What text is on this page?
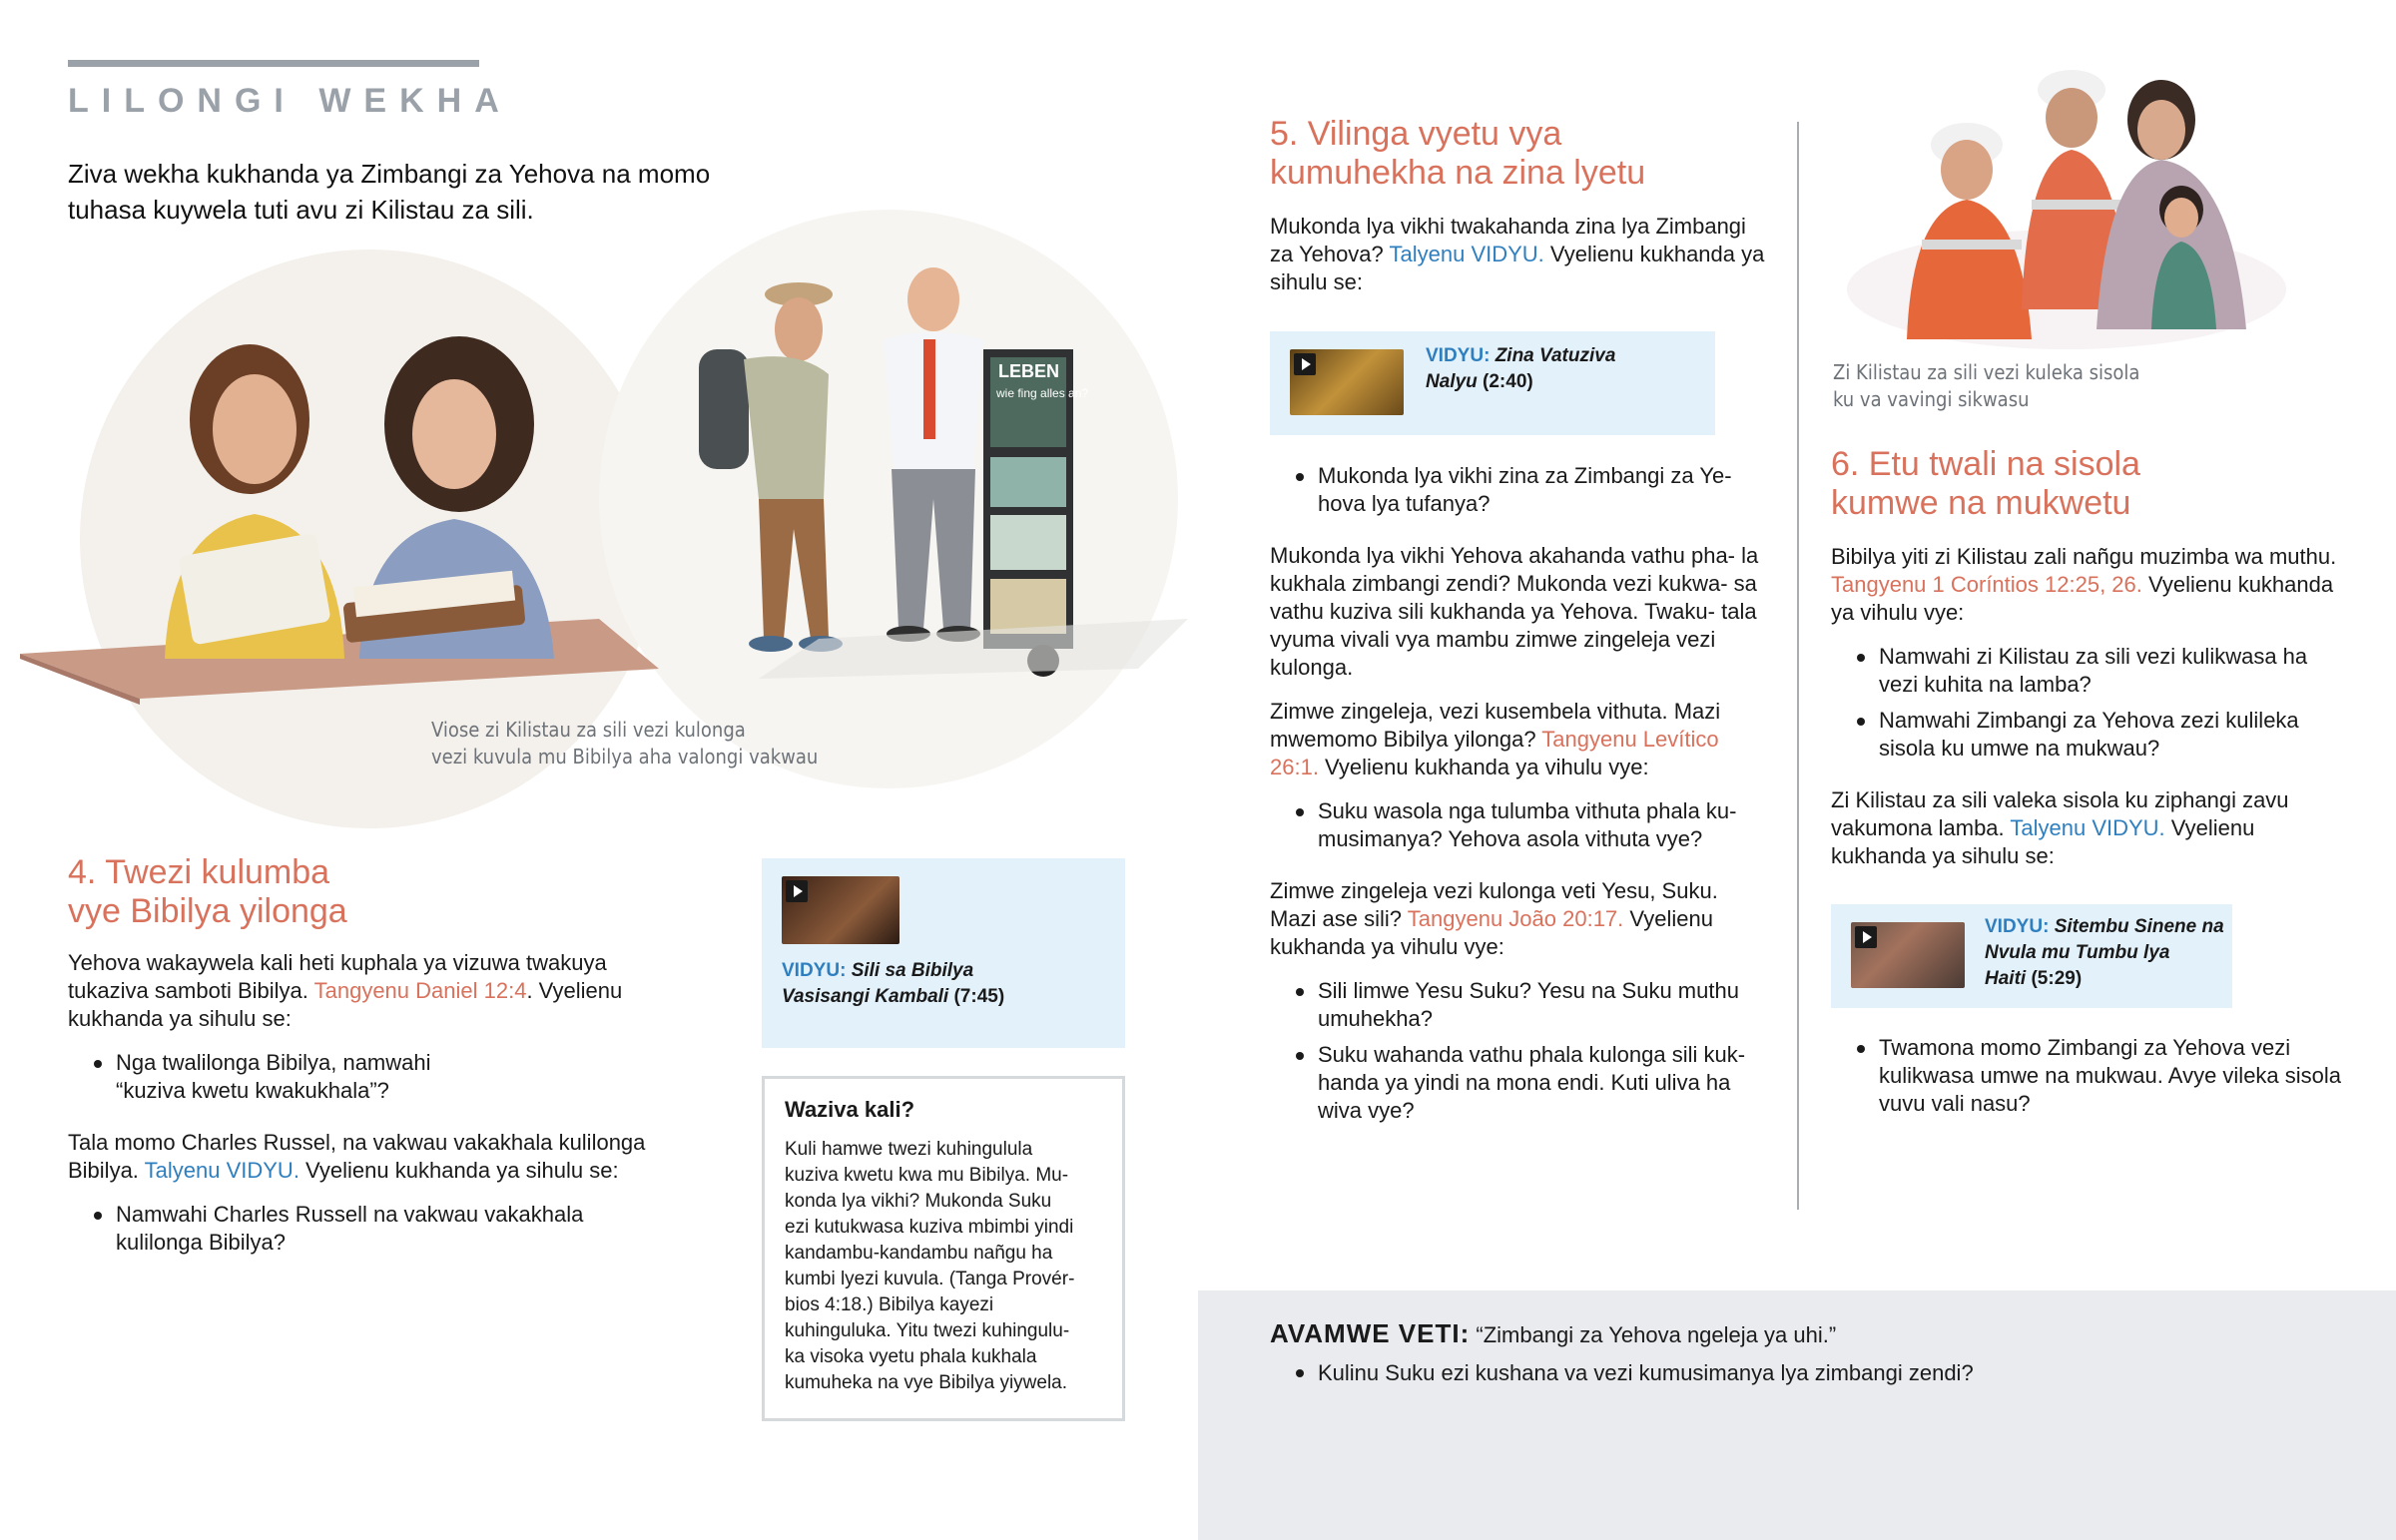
LILONGI WEKHA
Ziva wekha kukhanda ya Zimbangi za Yehova na momo tuhasa kuywela tuti avu zi Kilistau za sili.
LEBEN
wie fing alles an?
Viose zi Kilistau za sili vezi kulonga
vezi kuvula mu Bibilya aha valongi vakwau
4. Twezi kulumba
vye Bibilya yilonga

Yehova wakaywela kali heti kuphala ya vizuwa twakuya tukaziva samboti Bibilya. Tangyenu Daniel 12:4. Vyelienu kukhanda ya sihulu se:

Nga twalilonga Bibilya, namwahi
“kuziva kwetu kwakukhala”?

Tala momo Charles Russel, na vakwau vakakhala kulilonga Bibilya. Talyenu VIDYU. Vyelienu kukhanda ya sihulu se:

Namwahi Charles Russell na vakwau vakakhala
kulilonga Bibilya?
VIDYU: Sili sa Bibilya
Vasisangi Kambali (7:45)
Waziva kali?
Kuli hamwe twezi kuhingulula
kuziva kwetu kwa mu Bibilya. Mu-
konda lya vikhi? Mukonda Suku
ezi kutukwasa kuziva mbimbi yindi
kandambu-kandambu nañgu ha
kumbi lyezi kuvula. (Tanga Provér-
bios 4:18.) Bibilya kayezi
kuhinguluka. Yitu twezi kuhingulu-
ka visoka vyetu phala kukhala
kumuheka na vye Bibilya yiywela.
5. Vilinga vyetu vya
kumuhekha na zina lyetu

Mukonda lya vikhi twakahanda zina lya Zimbangi za Yehova? Talyenu VIDYU. Vyelienu kukhanda ya sihulu se:

Mukonda lya vikhi zina za Zimbangi za Ye- hova lya tufanya?

Mukonda lya vikhi Yehova akahanda vathu pha- la kukhala zimbangi zendi? Mukonda vezi kukwa- sa vathu kuziva sili kukhanda ya Yehova. Twaku- tala vyuma vivali vya mambu zimwe zingeleja vezi kulonga.

Zimwe zingeleja, vezi kusembela vithuta. Mazi mwemomo Bibilya yilonga? Tangyenu Levítico 26:1. Vyelienu kukhanda ya vihulu vye:

Suku wasola nga tulumba vithuta phala ku- musimanya? Yehova asola vithuta vye?

Zimwe zingeleja vezi kulonga veti Yesu, Suku. Mazi ase sili? Tangyenu João 20:17. Vyelienu kukhanda ya vihulu vye:

Sili limwe Yesu Suku? Yesu na Suku muthu umuhekha?
Suku wahanda vathu phala kulonga sili kuk- handa ya yindi na mona endi. Kuti uliva ha wiva vye?
VIDYU: Zina Vatuziva
Nalyu (2:40)	Zi Kilistau za sili vezi kuleka sisola
ku va vavingi sikwasu
6. Etu twali na sisola
kumwe na mukwetu

Bibilya yiti zi Kilistau zali nañgu muzimba wa muthu. Tangyenu 1 Coríntios 12:25, 26. Vyelienu kukhanda ya vihulu vye:

Namwahi zi Kilistau za sili vezi kulikwasa ha vezi kuhita na lamba?
Namwahi Zimbangi za Yehova zezi kulileka sisola ku umwe na mukwau?

Zi Kilistau za sili valeka sisola ku ziphangi zavu vakumona lamba. Talyenu VIDYU. Vyelienu kukhanda ya sihulu se:

Twamona momo Zimbangi za Yehova vezi kulikwasa umwe na mukwau. Avye vileka sisola vuvu vali nasu?
VIDYU: Sitembu Sinene na
Nvula mu Tumbu lya
Haiti (5:29)
AVAMWE VETI: “Zimbangi za Yehova ngeleja ya uhi.”
Kulinu Suku ezi kushana va vezi kumusimanya lya zimbangi zendi?
